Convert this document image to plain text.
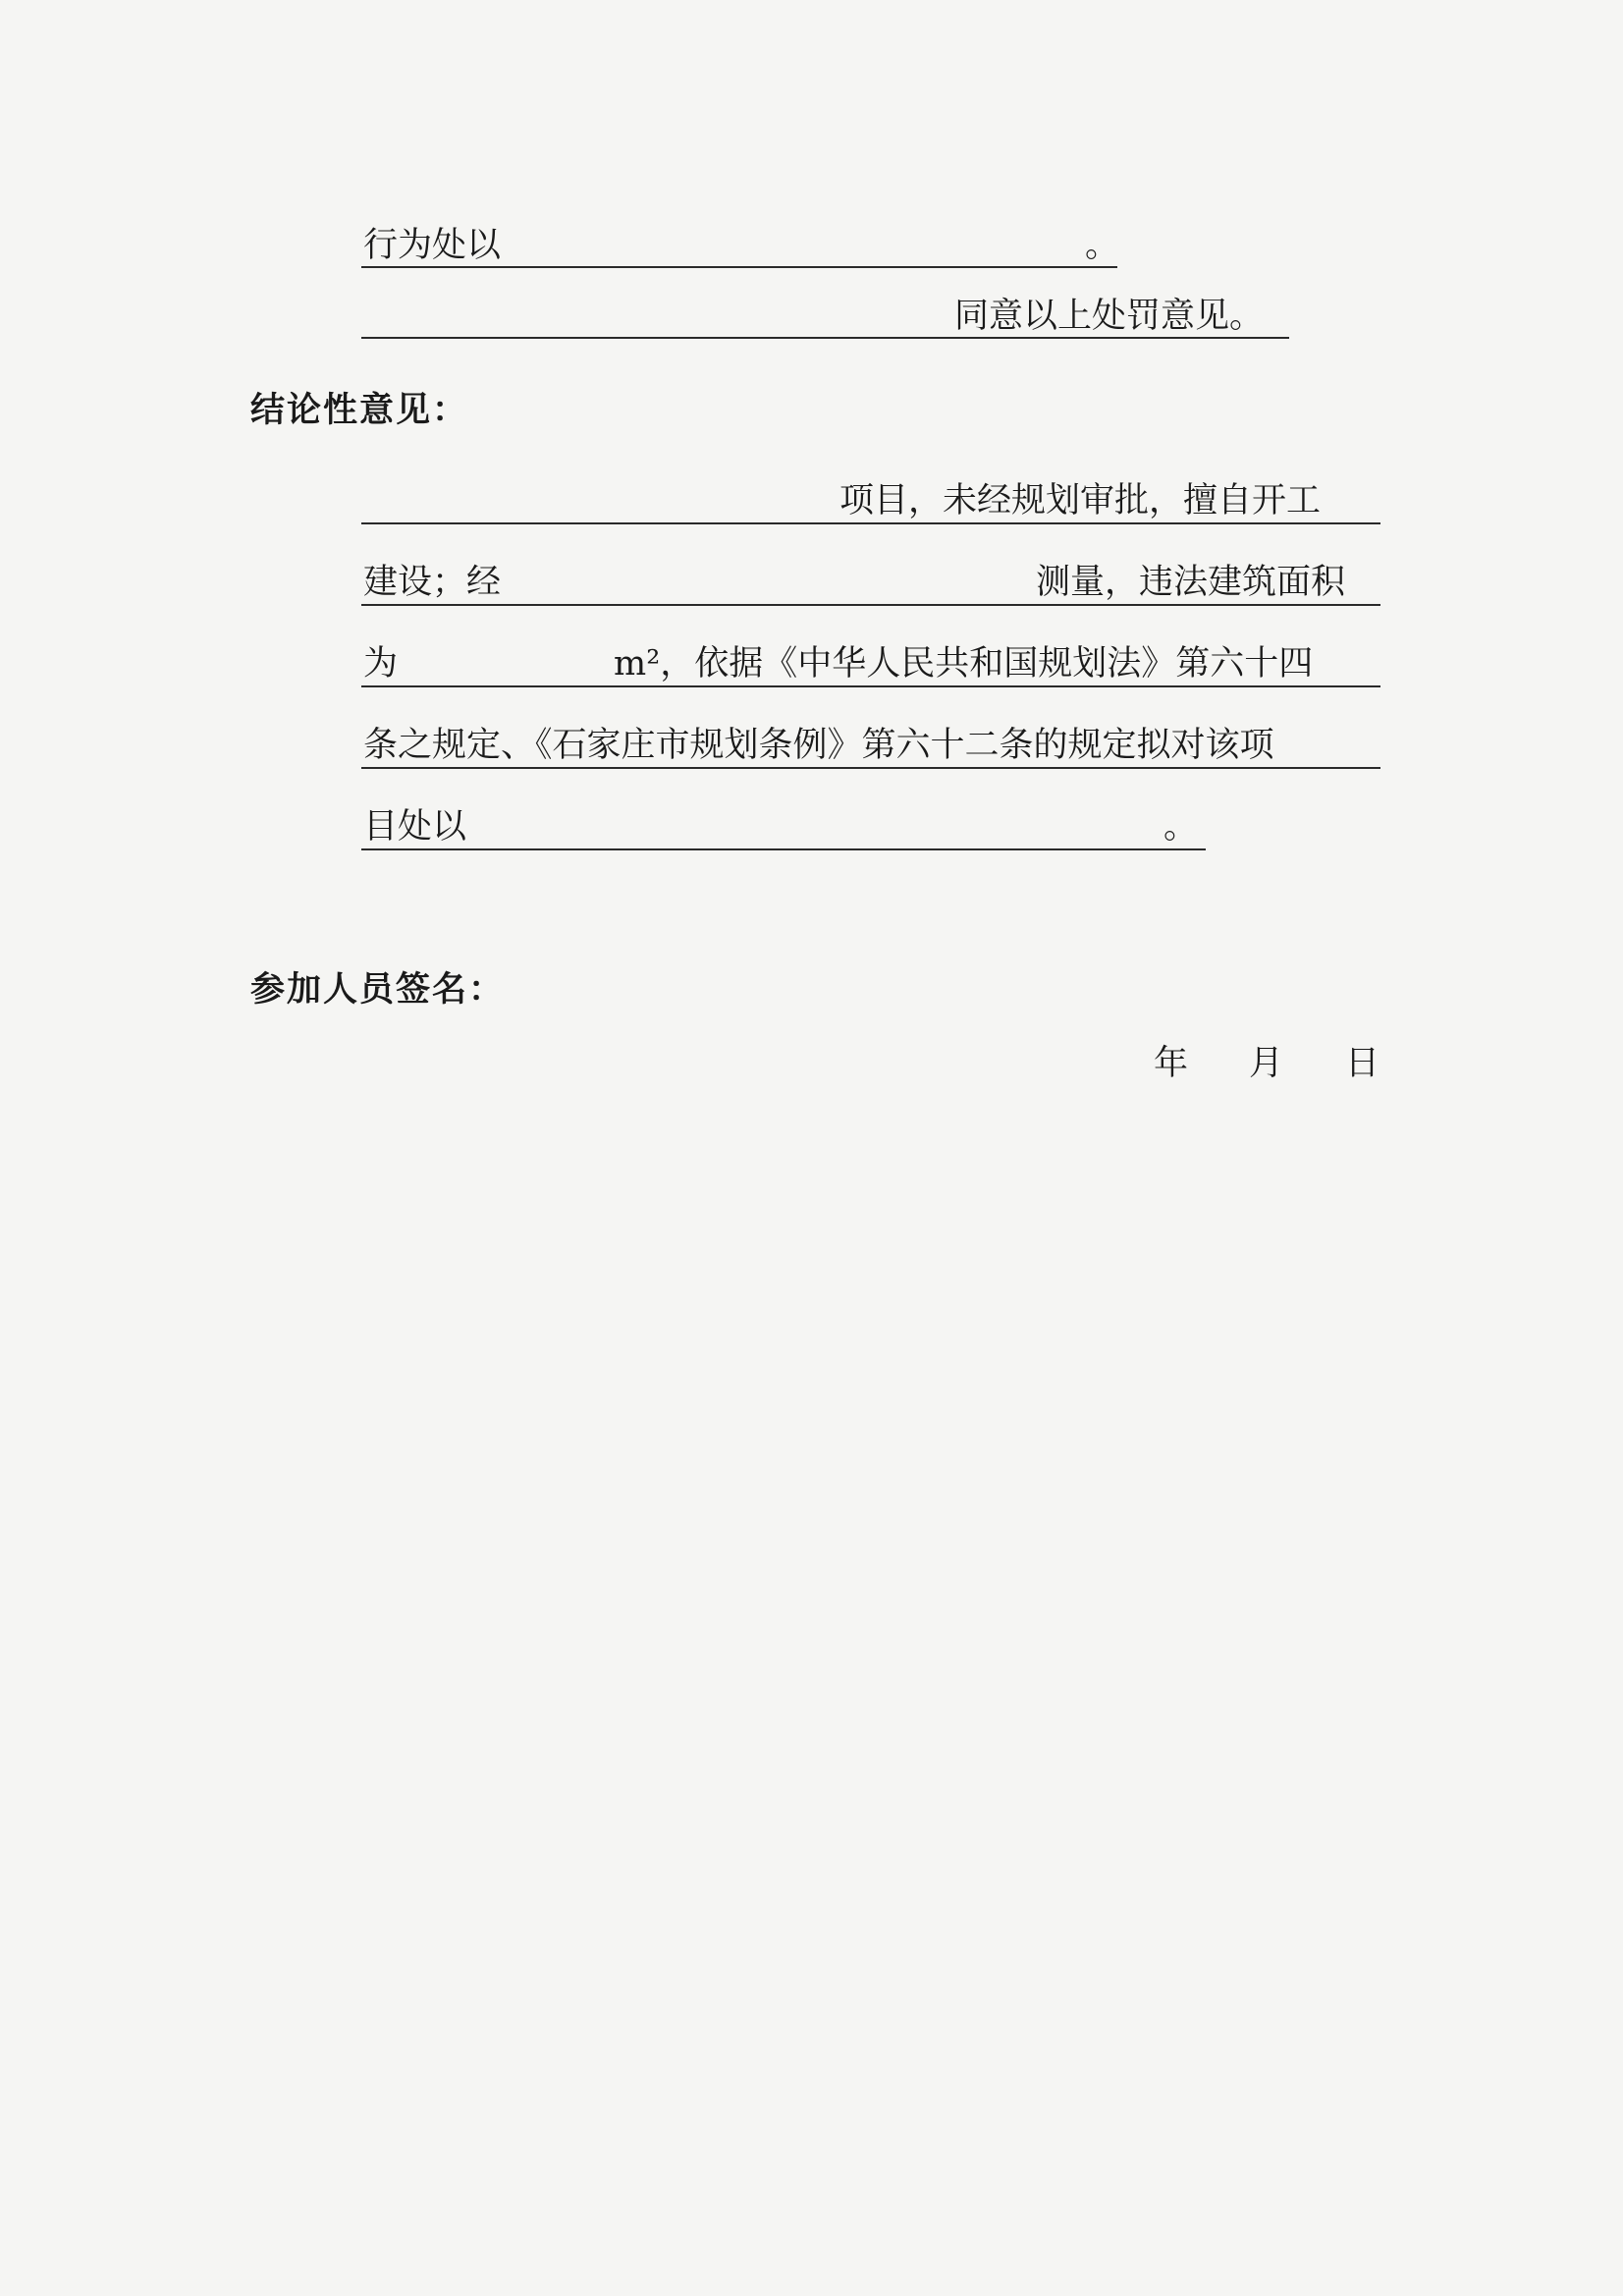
行为处以	。
同意以上处罚意见。
结论性意见：
项目，未经规划审批，擅自开工
建设；经	测量，违法建筑面积
为	m²，依据《中华人民共和国规划法》第六十四
条之规定、《石家庄市规划条例》第六十二条的规定拟对该项
目处以	。
参加人员签名：
年 月 日
